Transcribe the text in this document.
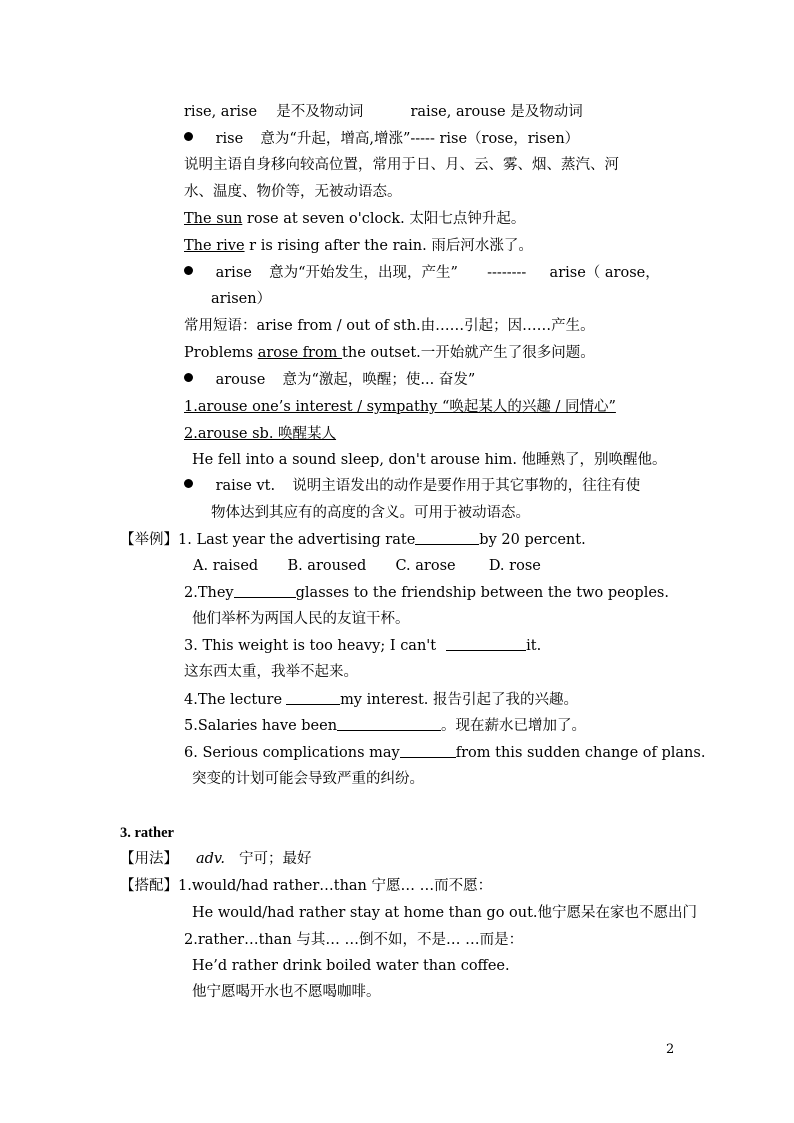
rise, arise 是不及物动词	raise, arouse 是及物动词
rise 意为“升起，增高,增涨”----- rise（rose，risen）
说明主语自身移向较高位置，常用于日、月、云、雾、烟、蒸汽、河
水、温度、物价等，无被动语态。
The sun rose at seven o'clock. 太阳七点钟升起。
The rive r is rising after the rain. 雨后河水涨了。
arise 意为“开始发生，出现，产生” -------- arise（ arose，
arisen）
常用短语：arise from / out of sth.由……引起；因……产生。
Problems arose from the outset.一开始就产生了很多问题。
arouse 意为“激起，唤醒；使... 奋发”
1.arouse one’s interest / sympathy “唤起某人的兴趣 / 同情心”
2.arouse sb. 唤醒某人
He fell into a sound sleep, don't arouse him. 他睡熟了，别唤醒他。
raise vt. 说明主语发出的动作是要作用于其它事物的，往往有使
物体达到其应有的高度的含义。可用于被动语态。
【举例】1. Last year the advertising rate	by 20 percent.
A. raised B. aroused C. arose D. rose
2.They	glasses to the friendship between the two peoples.
他们举杯为两国人民的友谊干杯。
3. This weight is too heavy; I can't	it.
这东西太重，我举不起来。
4.The lecture	my interest. 报告引起了我的兴趣。
5.Salaries have been	。现在薪水已增加了。
6. Serious complications may	from this sudden change of plans.
突变的计划可能会导致严重的纠纷。
3. rather
【用法】 adv. 宁可；最好
【搭配】1.would/had rather…than 宁愿… …而不愿：
He would/had rather stay at home than go out.他宁愿呆在家也不愿出门
2.rather…than 与其… …倒不如，不是… …而是：
He’d rather drink boiled water than coffee.
他宁愿喝开水也不愿喝咖啡。
2
